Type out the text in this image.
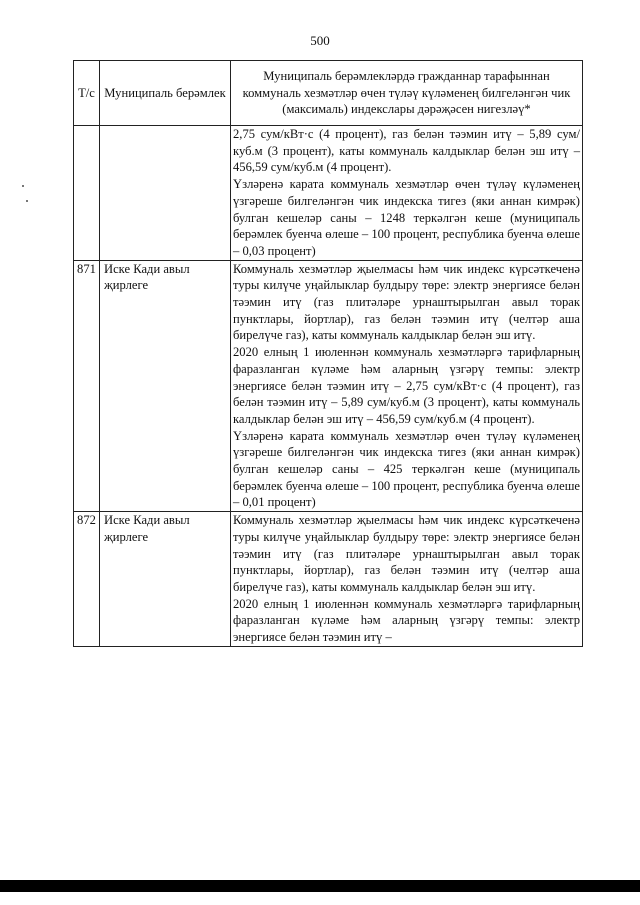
500
Т/с	Муниципаль берәмлек	Муниципаль берәмлекләрдә гражданнар тарафыннан коммуналь хезмәтләр өчен түләү күләменең билгеләнгән чик (максималь) индекслары дәрәҗәсен нигезләү*

		2,75 сум/кВт·с (4 процент), газ белән тәэмин итү – 5,89 сум/куб.м (3 процент), каты коммуналь калдыклар белән эш итү – 456,59 сум/куб.м (4 процент).
Үзләренә карата коммуналь хезмәтләр өчен түләү күләменең үзгәреше билгеләнгән чик индекска тигез (яки аннан кимрәк) булган кешеләр саны – 1248 теркәлгән кеше (муниципаль берәмлек буенча өлеше – 100 процент, республика буенча өлеше – 0,03 процент)

871	Иске Кади авыл җирлеге	Коммуналь хезмәтләр җыелмасы һәм чик индекс күрсәткеченә туры килүче уңайлыклар булдыру төре: электр энергиясе белән тәэмин итү (газ плитәләре урнаштырылган авыл торак пунктлары, йортлар), газ белән тәэмин итү (челтәр аша бирелүче газ), каты коммуналь калдыклар белән эш итү.
2020 елның 1 июленнән коммуналь хезмәтләргә тарифларның фаразланган күләме һәм аларның үзгәрү темпы: электр энергиясе белән тәэмин итү – 2,75 сум/кВт·с (4 процент), газ белән тәэмин итү – 5,89 сум/куб.м (3 процент), каты коммуналь калдыклар белән эш итү – 456,59 сум/куб.м (4 процент).
Үзләренә карата коммуналь хезмәтләр өчен түләү күләменең үзгәреше билгеләнгән чик индекска тигез (яки аннан кимрәк) булган кешеләр саны – 425 теркәлгән кеше (муниципаль берәмлек буенча өлеше – 100 процент, республика буенча өлеше – 0,01 процент)

872	Иске Кади авыл җирлеге	Коммуналь хезмәтләр җыелмасы һәм чик индекс күрсәткеченә туры килүче уңайлыклар булдыру төре: электр энергиясе белән тәэмин итү (газ плитәләре урнаштырылган авыл торак пунктлары, йортлар), газ белән тәэмин итү (челтәр аша бирелүче газ), каты коммуналь калдыклар белән эш итү.
2020 елның 1 июленнән коммуналь хезмәтләргә тарифларның фаразланган күләме һәм аларның үзгәрү темпы: электр энергиясе белән тәэмин итү –
